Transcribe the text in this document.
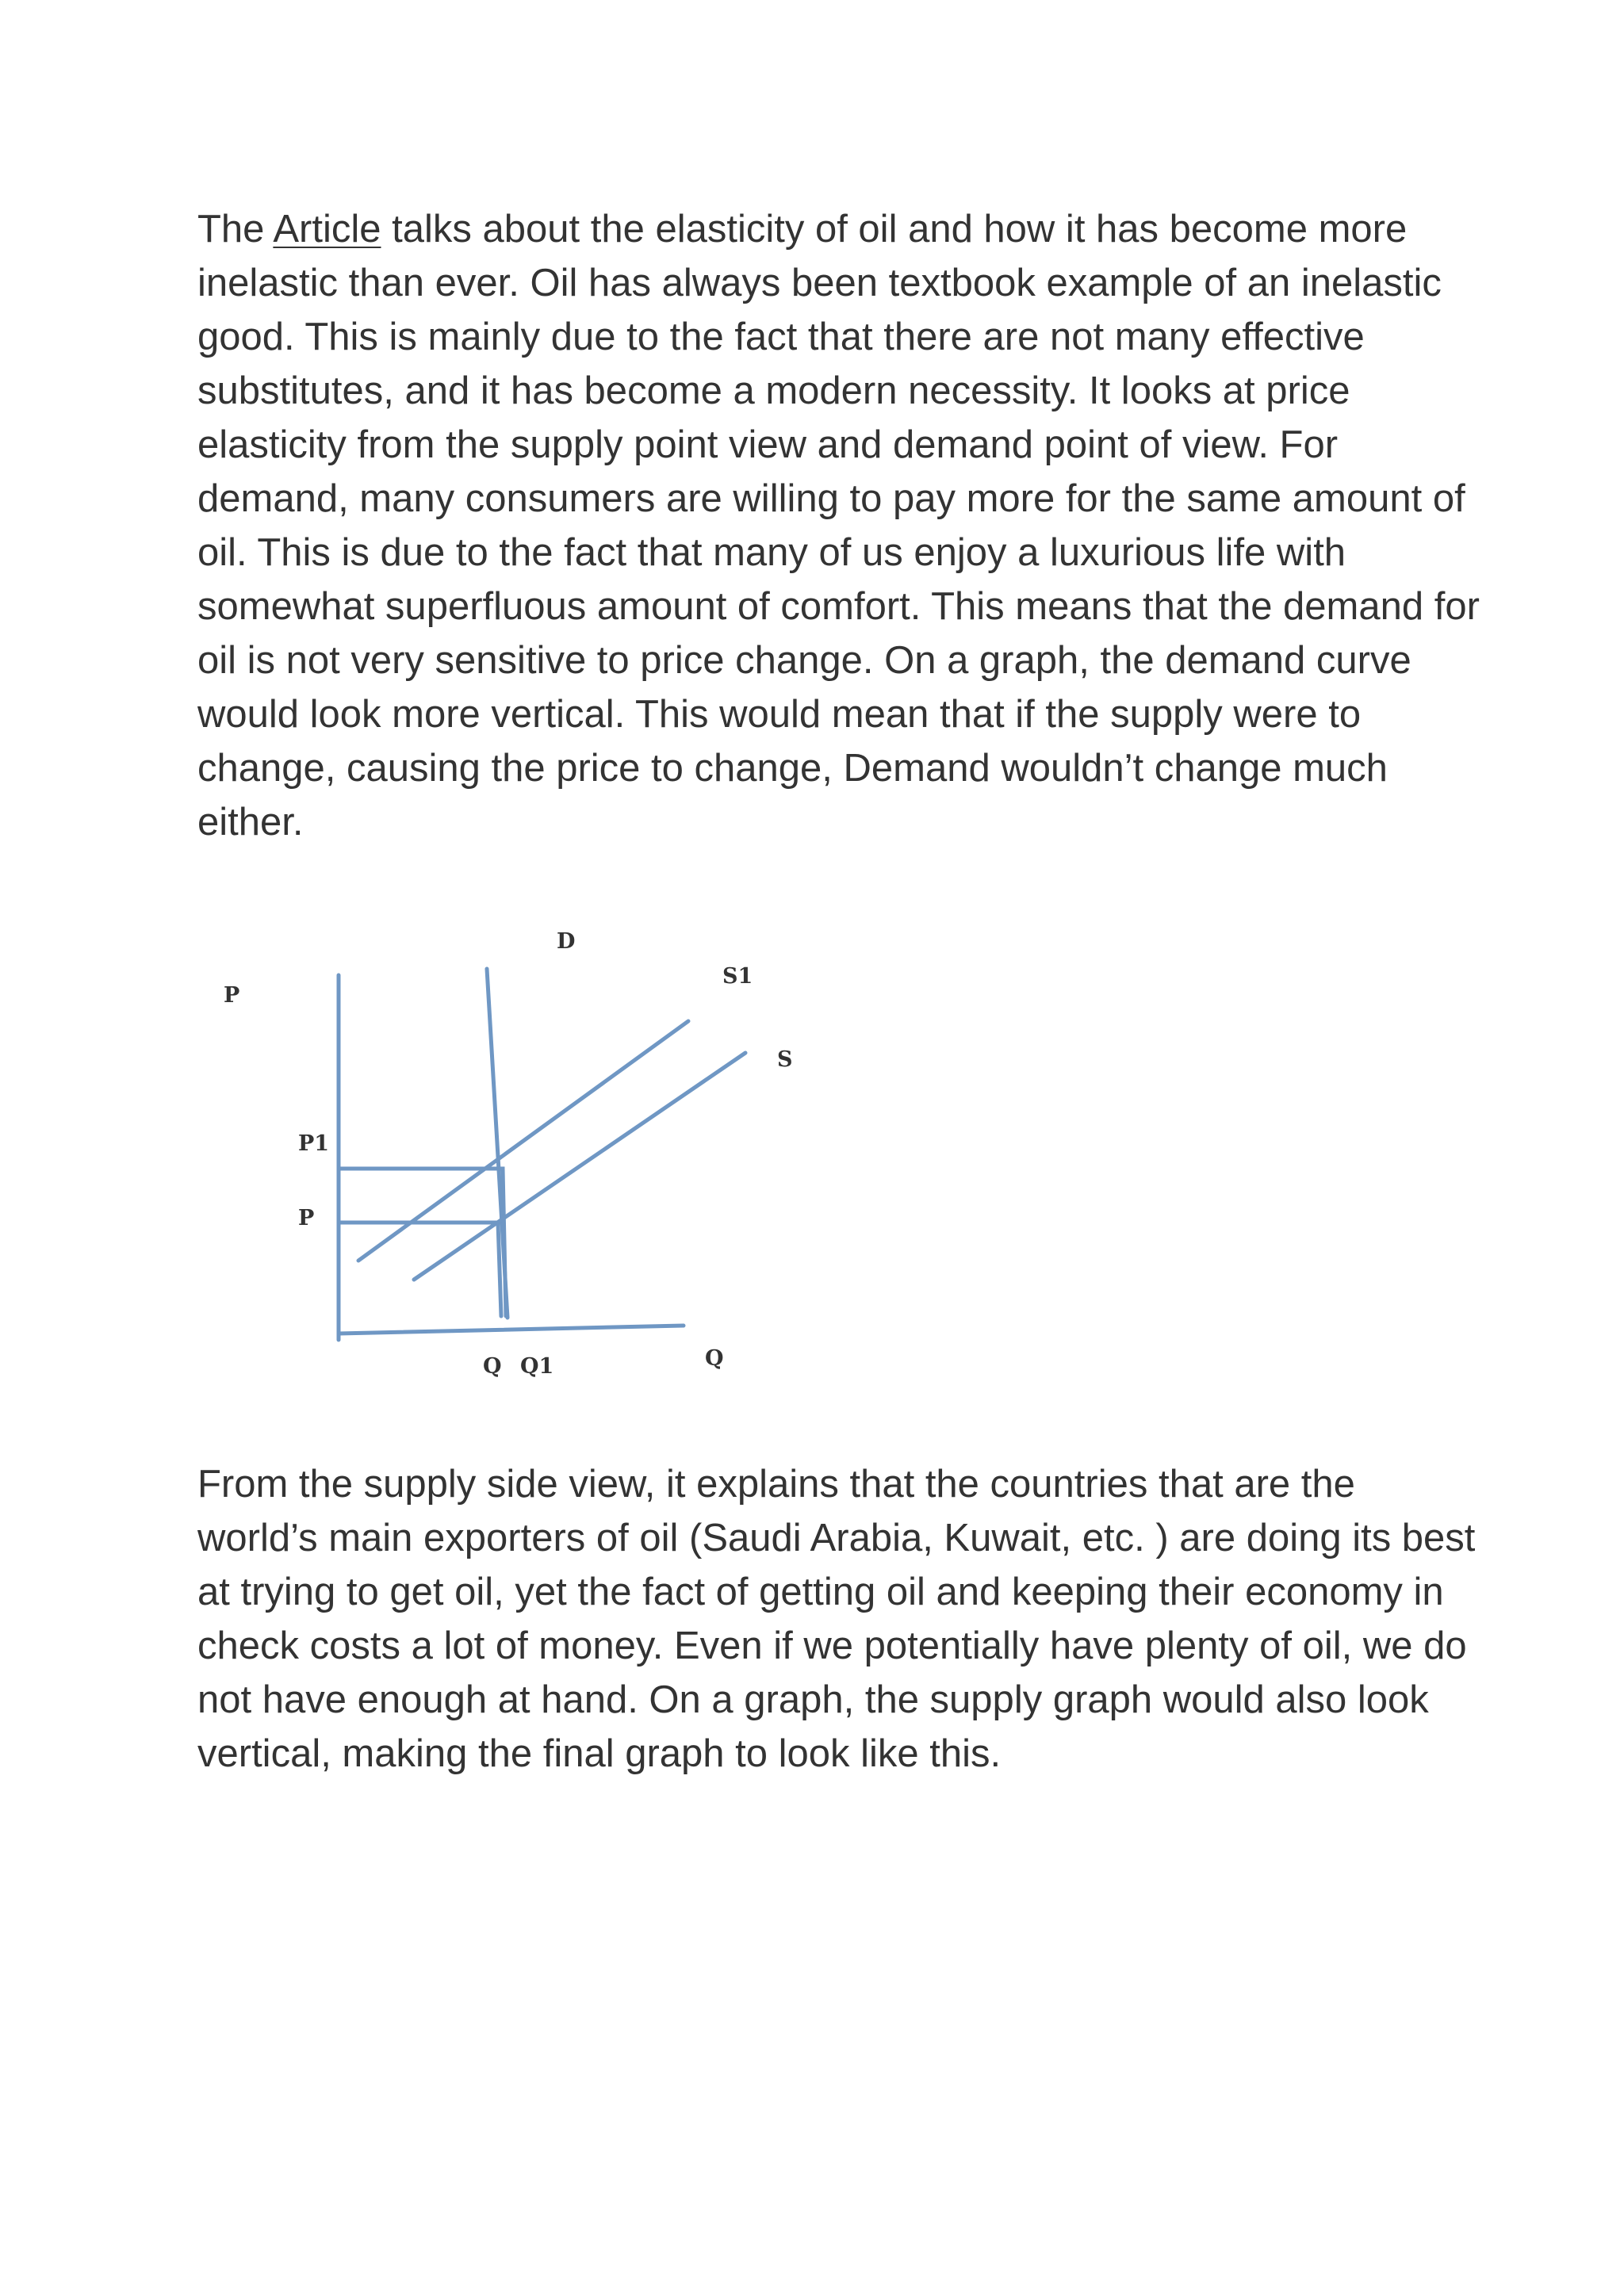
The Article talks about the elasticity of oil and how it has become more inelastic than ever. Oil has always been textbook example of an inelastic good. This is mainly due to the fact that there are not many effective substitutes, and it has become a modern necessity. It looks at price elasticity from the supply point view and demand point of view. For demand, many consumers are willing to pay more for the same amount of oil. This is due to the fact that many of us enjoy a luxurious life with somewhat superfluous amount of comfort. This means that the demand for oil is not very sensitive to price change. On a graph, the demand curve would look more vertical. This would mean that if the supply were to change, causing the price to change, Demand wouldn’t change much either.

P
D
S1
S
P1
P
Q Q1	Q

From the supply side view, it explains that the countries that are the world’s main exporters of oil (Saudi Arabia, Kuwait, etc. ) are doing its best at trying to get oil, yet the fact of getting oil and keeping their economy in check costs a lot of money. Even if we potentially have plenty of oil, we do not have enough at hand. On a graph, the supply graph would also look vertical, making the final graph to look like this.
